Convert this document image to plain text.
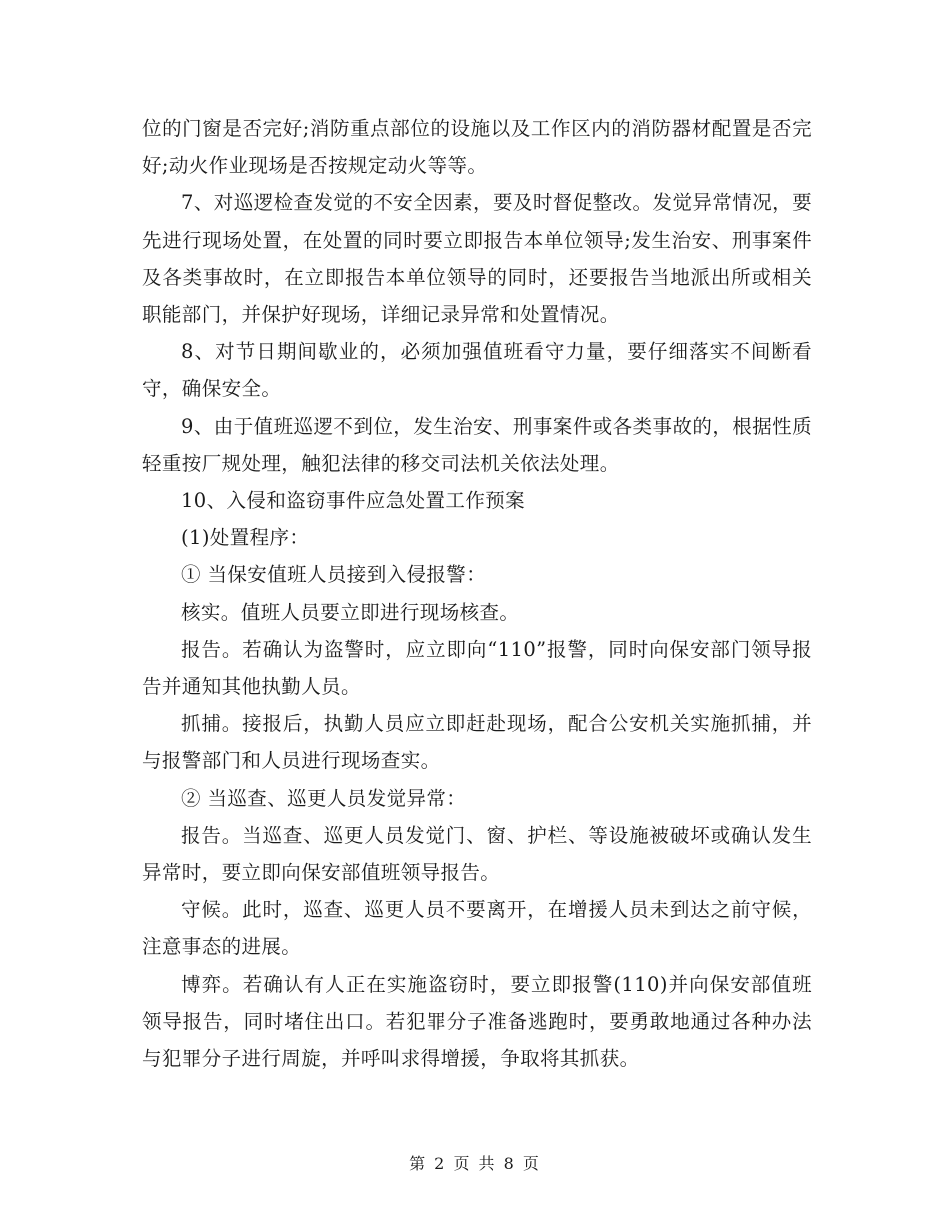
位的门窗是否完好;消防重点部位的设施以及工作区内的消防器材配置是否完好;动火作业现场是否按规定动火等等。

7、对巡逻检查发觉的不安全因素，要及时督促整改。发觉异常情况，要先进行现场处置，在处置的同时要立即报告本单位领导;发生治安、刑事案件及各类事故时，在立即报告本单位领导的同时，还要报告当地派出所或相关职能部门，并保护好现场，详细记录异常和处置情况。

8、对节日期间歇业的，必须加强值班看守力量，要仔细落实不间断看守，确保安全。

9、由于值班巡逻不到位，发生治安、刑事案件或各类事故的，根据性质轻重按厂规处理，触犯法律的移交司法机关依法处理。

10、入侵和盗窃事件应急处置工作预案

(1)处置程序：

① 当保安值班人员接到入侵报警：

核实。值班人员要立即进行现场核查。

报告。若确认为盗警时，应立即向“110”报警，同时向保安部门领导报告并通知其他执勤人员。

抓捕。接报后，执勤人员应立即赶赴现场，配合公安机关实施抓捕，并与报警部门和人员进行现场查实。

② 当巡查、巡更人员发觉异常：

报告。当巡查、巡更人员发觉门、窗、护栏、等设施被破坏或确认发生异常时，要立即向保安部值班领导报告。

守候。此时，巡查、巡更人员不要离开，在增援人员未到达之前守候，注意事态的进展。

博弈。若确认有人正在实施盗窃时，要立即报警(110)并向保安部值班领导报告，同时堵住出口。若犯罪分子准备逃跑时，要勇敢地通过各种办法与犯罪分子进行周旋，并呼叫求得增援，争取将其抓获。

第 2 页 共 8 页
